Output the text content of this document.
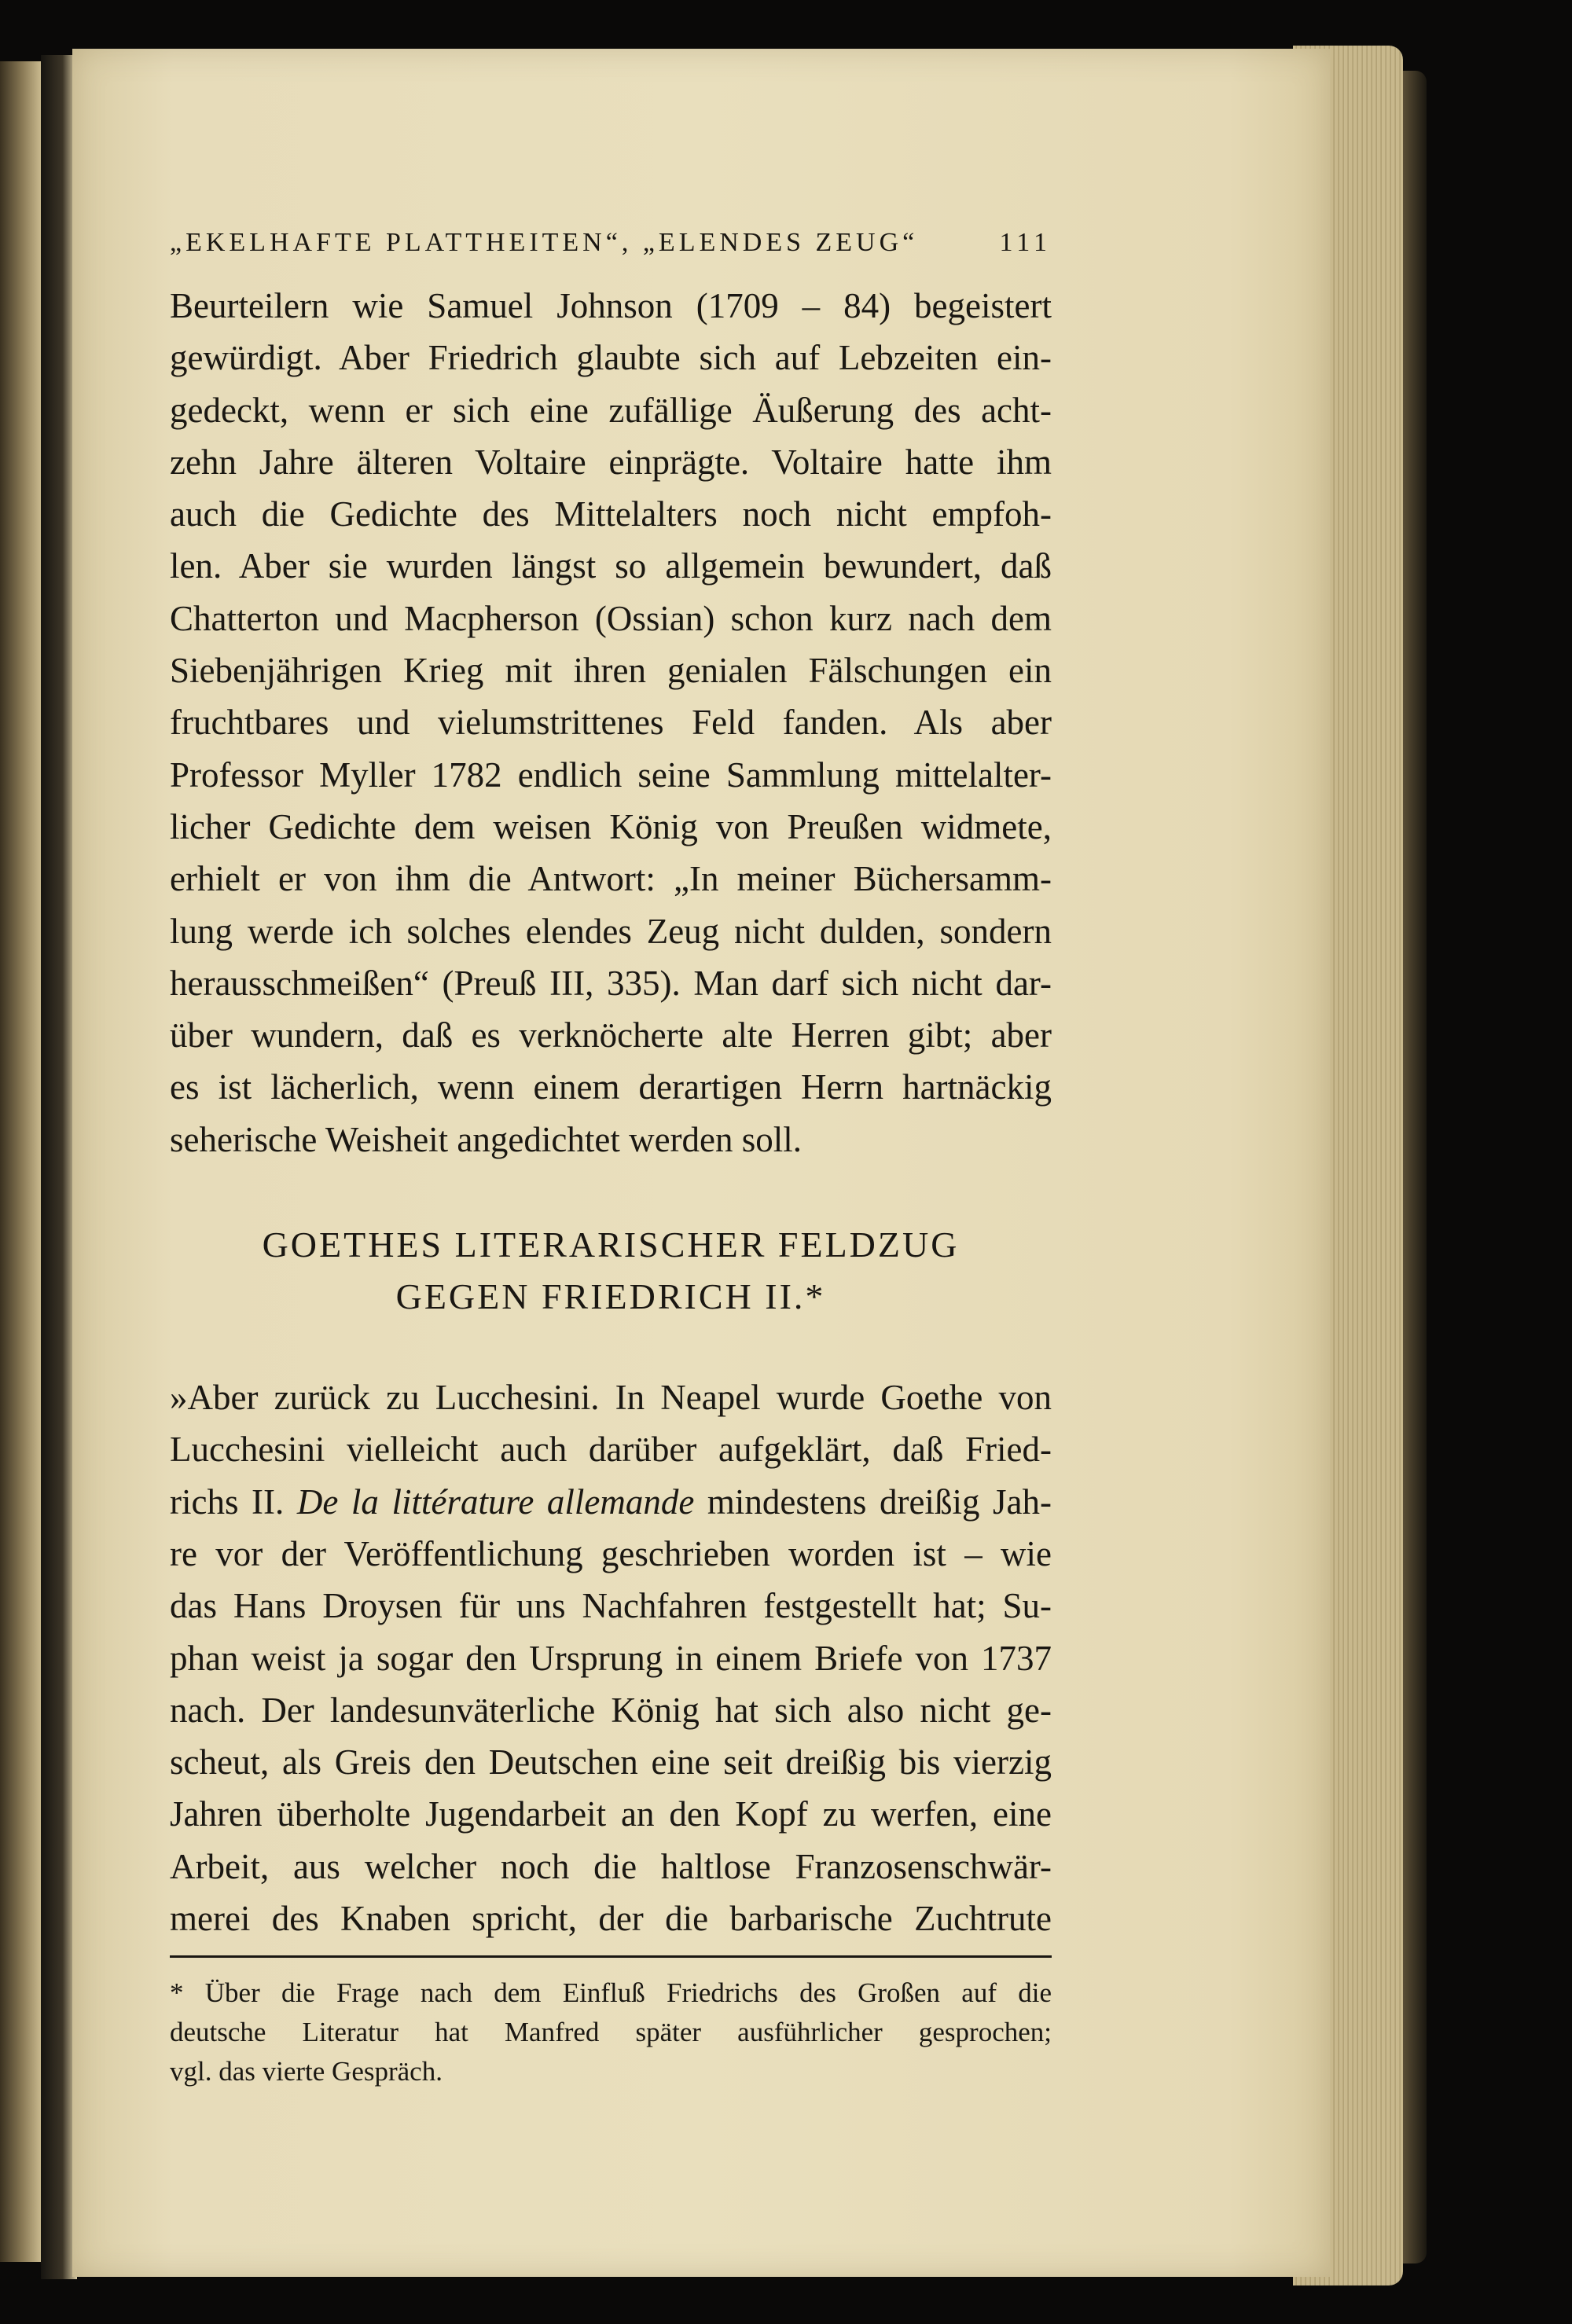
„EKELHAFTE PLATTHEITEN“, „ELENDES ZEUG“	111
Beurteilern wie Samuel Johnson (1709 – 84) begeistert
gewürdigt. Aber Friedrich glaubte sich auf Lebzeiten ein-
gedeckt, wenn er sich eine zufällige Äußerung des acht-
zehn Jahre älteren Voltaire einprägte. Voltaire hatte ihm
auch die Gedichte des Mittelalters noch nicht empfoh-
len. Aber sie wurden längst so allgemein bewundert, daß
Chatterton und Macpherson (Ossian) schon kurz nach dem
Siebenjährigen Krieg mit ihren genialen Fälschungen ein
fruchtbares und vielumstrittenes Feld fanden. Als aber
Professor Myller 1782 endlich seine Sammlung mittelalter-
licher Gedichte dem weisen König von Preußen widmete,
erhielt er von ihm die Antwort: „In meiner Büchersamm-
lung werde ich solches elendes Zeug nicht dulden, sondern
herausschmeißen“ (Preuß III, 335). Man darf sich nicht dar-
über wundern, daß es verknöcherte alte Herren gibt; aber
es ist lächerlich, wenn einem derartigen Herrn hartnäckig
seherische Weisheit angedichtet werden soll.
GOETHES LITERARISCHER FELDZUG
GEGEN FRIEDRICH II.*
»Aber zurück zu Lucchesini. In Neapel wurde Goethe von
Lucchesini vielleicht auch darüber aufgeklärt, daß Fried-
richs II. De la littérature allemande mindestens dreißig Jah-
re vor der Veröffentlichung geschrieben worden ist – wie
das Hans Droysen für uns Nachfahren festgestellt hat; Su-
phan weist ja sogar den Ursprung in einem Briefe von 1737
nach. Der landesunväterliche König hat sich also nicht ge-
scheut, als Greis den Deutschen eine seit dreißig bis vierzig
Jahren überholte Jugendarbeit an den Kopf zu werfen, eine
Arbeit, aus welcher noch die haltlose Franzosenschwär-
merei des Knaben spricht, der die barbarische Zuchtrute
* Über die Frage nach dem Einfluß Friedrichs des Großen auf die
deutsche Literatur hat Manfred später ausführlicher gesprochen;
vgl. das vierte Gespräch.
